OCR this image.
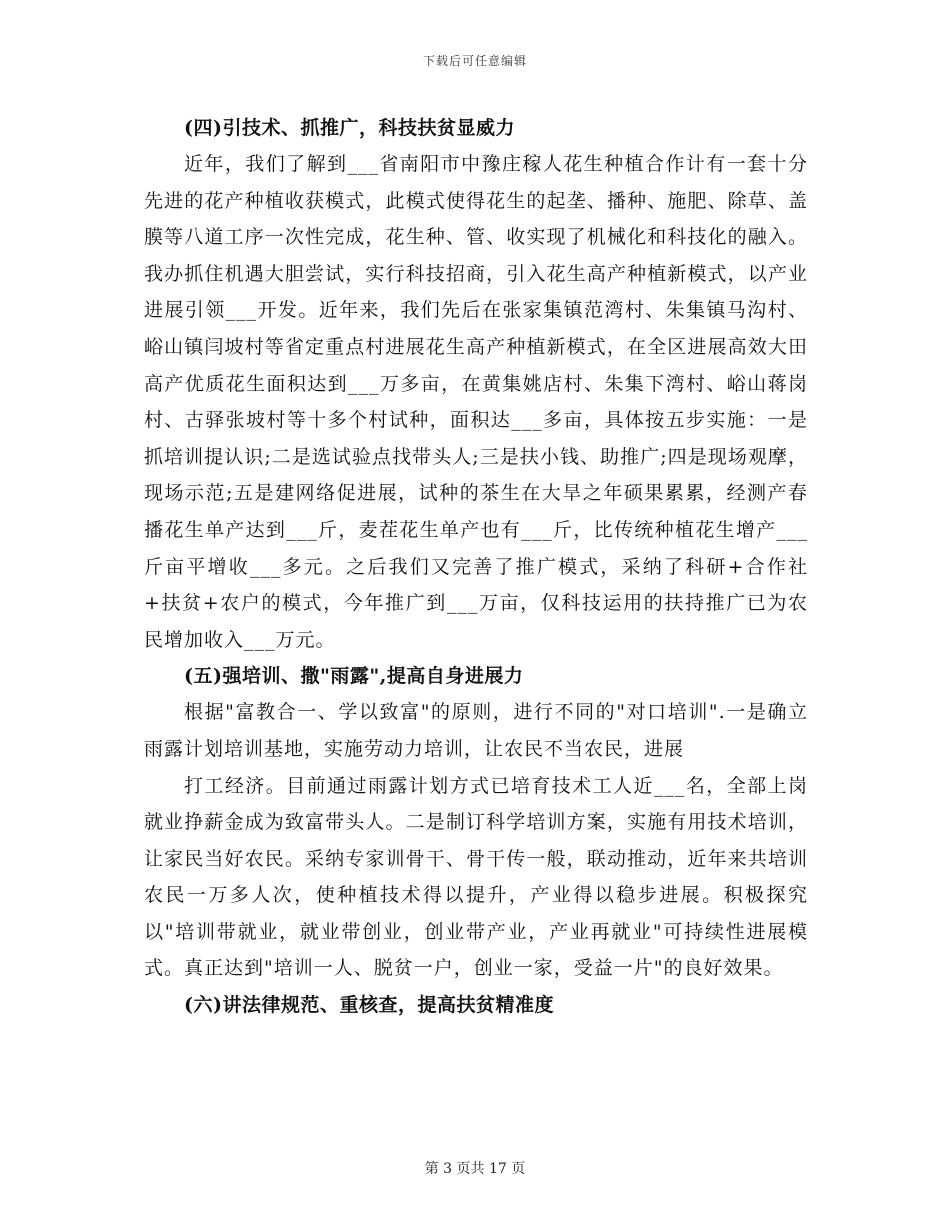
下载后可任意编辑

(四)引技术、抓推广，科技扶贫显威力

近年，我们了解到___省南阳市中豫庄稼人花生种植合作计有一套十分先进的花产种植收获模式，此模式使得花生的起垄、播种、施肥、除草、盖膜等八道工序一次性完成，花生种、管、收实现了机械化和科技化的融入。我办抓住机遇大胆尝试，实行科技招商，引入花生高产种植新模式，以产业进展引领___开发。近年来，我们先后在张家集镇范湾村、朱集镇马沟村、峪山镇闫坡村等省定重点村进展花生高产种植新模式，在全区进展高效大田高产优质花生面积达到___万多亩，在黄集姚店村、朱集下湾村、峪山蒋岗村、古驿张坡村等十多个村试种，面积达___多亩，具体按五步实施：一是抓培训提认识;二是选试验点找带头人;三是扶小钱、助推广;四是现场观摩，现场示范;五是建网络促进展，试种的茶生在大旱之年硕果累累，经测产春播花生单产达到___斤，麦茬花生单产也有___斤，比传统种植花生增产___斤亩平增收___多元。之后我们又完善了推广模式，采纳了科研+合作社+扶贫+农户的模式，今年推广到___万亩，仅科技运用的扶持推广已为农民增加收入___万元。

(五)强培训、撒"雨露",提高自身进展力

根据"富教合一、学以致富"的原则，进行不同的"对口培训".一是确立雨露计划培训基地，实施劳动力培训，让农民不当农民，进展

打工经济。目前通过雨露计划方式已培育技术工人近___名，全部上岗就业挣薪金成为致富带头人。二是制订科学培训方案，实施有用技术培训，让家民当好农民。采纳专家训骨干、骨干传一般，联动推动，近年来共培训农民一万多人次，使种植技术得以提升，产业得以稳步进展。积极探究以"培训带就业，就业带创业，创业带产业，产业再就业"可持续性进展模式。真正达到"培训一人、脱贫一户，创业一家，受益一片"的良好效果。

(六)讲法律规范、重核查，提高扶贫精准度

第 3 页共 17 页
